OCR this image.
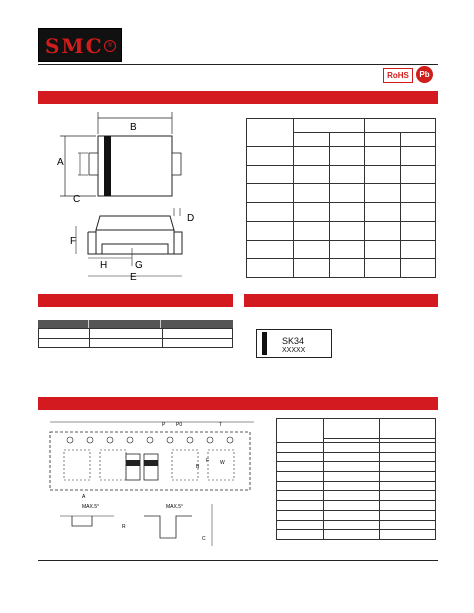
SMC ®
RoHS	Pb
B
A
C
D
F
H	G
E

SK34
XXXXX
P P0	T
W
F
A
B
C
R
MAX.5°	MAX.5°
